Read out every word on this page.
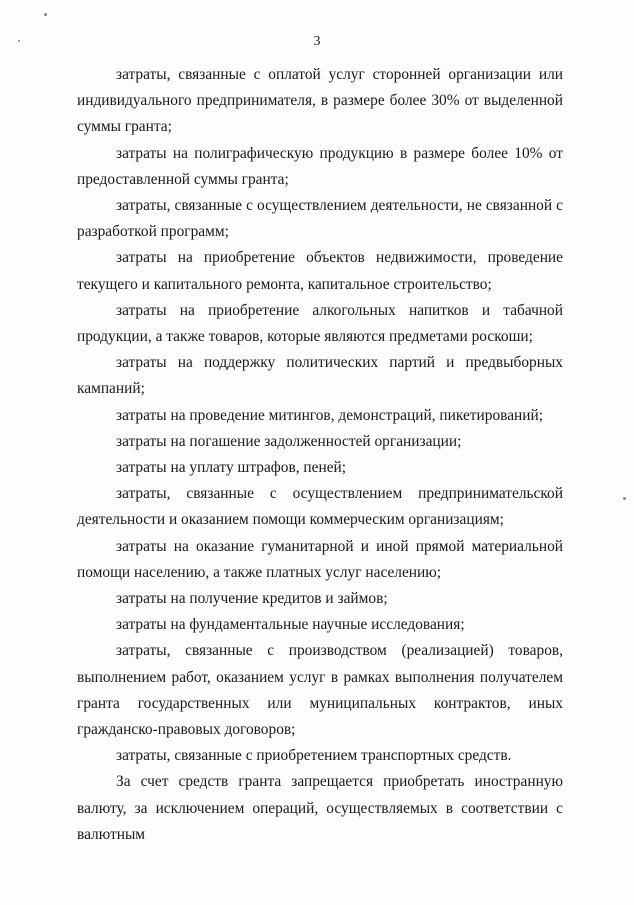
3

затраты, связанные с оплатой услуг сторонней организации или индивидуального предпринимателя, в размере более 30% от выделенной суммы гранта;

затраты на полиграфическую продукцию в размере более 10% от предоставленной суммы гранта;

затраты, связанные с осуществлением деятельности, не связанной с разработкой программ;

затраты на приобретение объектов недвижимости, проведение текущего и капитального ремонта, капитальное строительство;

затраты на приобретение алкогольных напитков и табачной продукции, а также товаров, которые являются предметами роскоши;

затраты на поддержку политических партий и предвыборных кампаний;

затраты на проведение митингов, демонстраций, пикетирований;

затраты на погашение задолженностей организации;

затраты на уплату штрафов, пеней;

затраты, связанные с осуществлением предпринимательской деятельности и оказанием помощи коммерческим организациям;

затраты на оказание гуманитарной и иной прямой материальной помощи населению, а также платных услуг населению;

затраты на получение кредитов и займов;

затраты на фундаментальные научные исследования;

затраты, связанные с производством (реализацией) товаров, выполнением работ, оказанием услуг в рамках выполнения получателем гранта государственных или муниципальных контрактов, иных гражданско-правовых договоров;

затраты, связанные с приобретением транспортных средств.

За счет средств гранта запрещается приобретать иностранную валюту, за исключением операций, осуществляемых в соответствии с валютным
